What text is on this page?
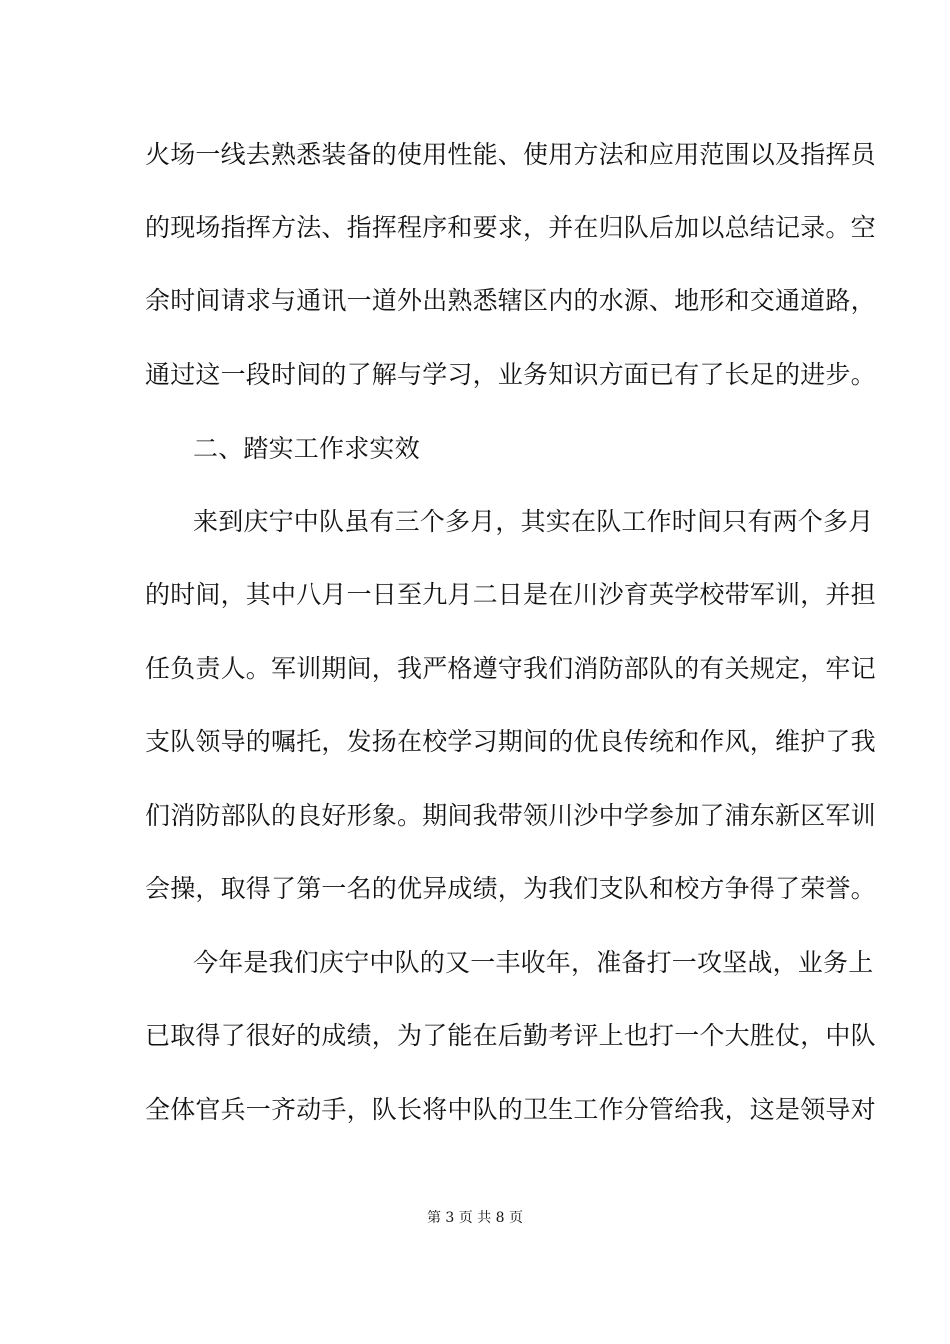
火场一线去熟悉装备的使用性能、使用方法和应用范围以及指挥员
的现场指挥方法、指挥程序和要求，并在归队后加以总结记录。空
余时间请求与通讯一道外出熟悉辖区内的水源、地形和交通道路，
通过这一段时间的了解与学习，业务知识方面已有了长足的进步。
二、踏实工作求实效
来到庆宁中队虽有三个多月，其实在队工作时间只有两个多月
的时间，其中八月一日至九月二日是在川沙育英学校带军训，并担
任负责人。军训期间，我严格遵守我们消防部队的有关规定，牢记
支队领导的嘱托，发扬在校学习期间的优良传统和作风，维护了我
们消防部队的良好形象。期间我带领川沙中学参加了浦东新区军训
会操，取得了第一名的优异成绩，为我们支队和校方争得了荣誉。
今年是我们庆宁中队的又一丰收年，准备打一攻坚战，业务上
已取得了很好的成绩，为了能在后勤考评上也打一个大胜仗，中队
全体官兵一齐动手，队长将中队的卫生工作分管给我，这是领导对
第 3 页 共 8 页
